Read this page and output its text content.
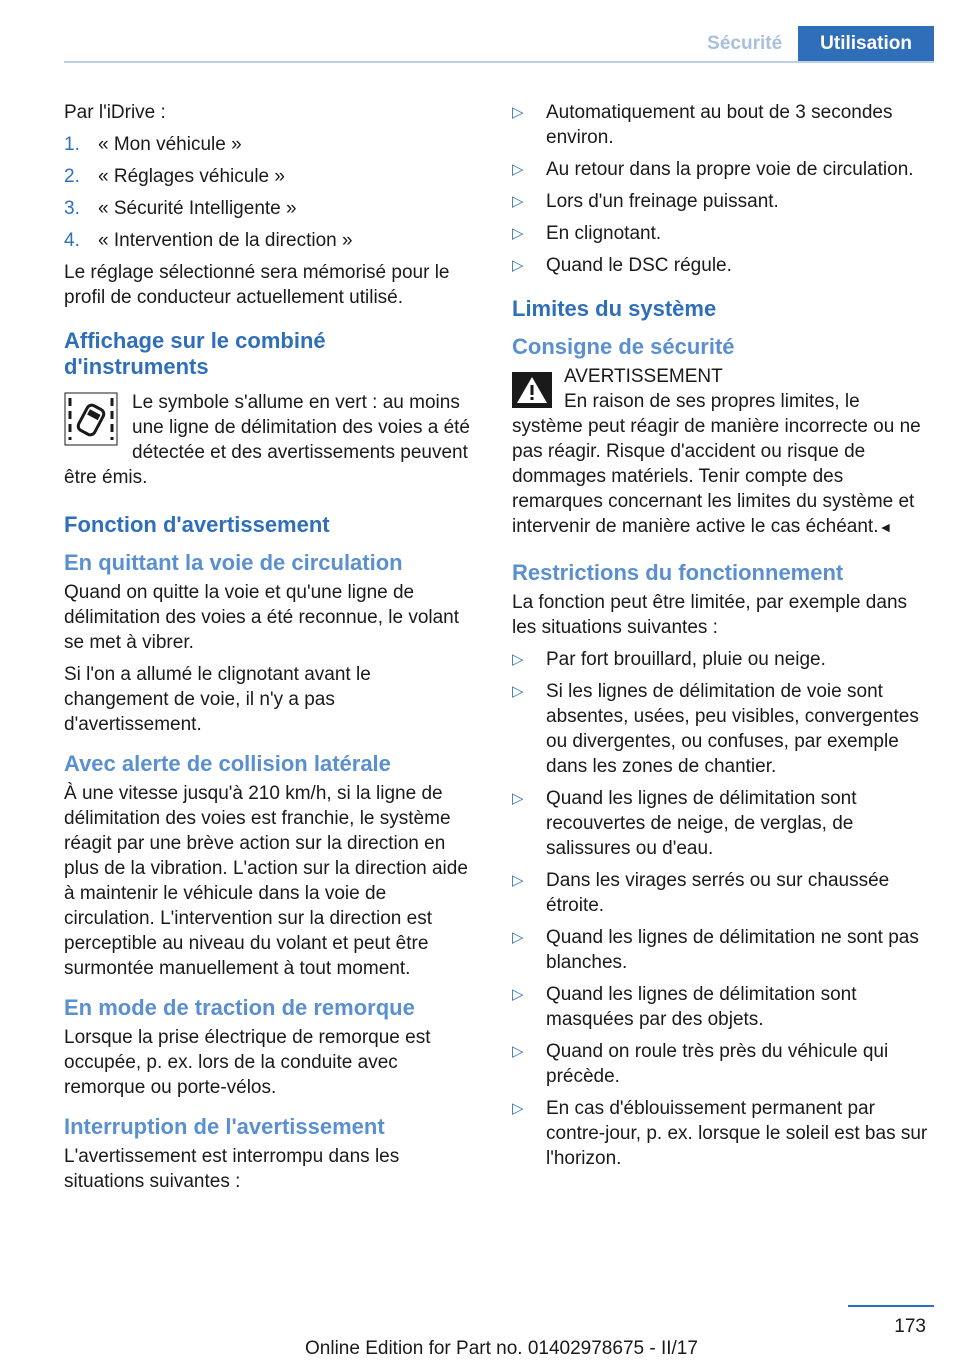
Sécurité	Utilisation

Par l'iDrive :

1. « Mon véhicule »
2. « Réglages véhicule »
3. « Sécurité Intelligente »
4. « Intervention de la direction »

Le réglage sélectionné sera mémorisé pour le profil de conducteur actuellement utilisé.

Affichage sur le combiné d'instruments
Le symbole s'allume en vert : au moins une ligne de délimitation des voies a été détectée et des avertissements peuvent être émis.
Fonction d'avertissement
En quittant la voie de circulation

Quand on quitte la voie et qu'une ligne de délimitation des voies a été reconnue, le volant se met à vibrer.

Si l'on a allumé le clignotant avant le changement de voie, il n'y a pas d'avertissement.

Avec alerte de collision latérale

À une vitesse jusqu'à 210 km/h, si la ligne de délimitation des voies est franchie, le système réagit par une brève action sur la direction en plus de la vibration. L'action sur la direction aide à maintenir le véhicule dans la voie de circulation. L'intervention sur la direction est perceptible au niveau du volant et peut être surmontée manuellement à tout moment.

En mode de traction de remorque

Lorsque la prise électrique de remorque est occupée, p. ex. lors de la conduite avec remorque ou porte-vélos.

Interruption de l'avertissement

L'avertissement est interrompu dans les situations suivantes :

▷	Automatiquement au bout de 3 secondes environ.
▷	Au retour dans la propre voie de circulation.
▷	Lors d'un freinage puissant.
▷	En clignotant.
▷	Quand le DSC régule.
Limites du système
Consigne de sécurité
AVERTISSEMENT
En raison de ses propres limites, le système peut réagir de manière incorrecte ou ne pas réagir. Risque d'accident ou risque de dommages matériels. Tenir compte des remarques concernant les limites du système et intervenir de manière active le cas échéant.◄
Restrictions du fonctionnement

La fonction peut être limitée, par exemple dans les situations suivantes :

▷	Par fort brouillard, pluie ou neige.
▷	Si les lignes de délimitation de voie sont absentes, usées, peu visibles, convergentes ou divergentes, ou confuses, par exemple dans les zones de chantier.
▷	Quand les lignes de délimitation sont recouvertes de neige, de verglas, de salissures ou d'eau.
▷	Dans les virages serrés ou sur chaussée étroite.
▷	Quand les lignes de délimitation ne sont pas blanches.
▷	Quand les lignes de délimitation sont masquées par des objets.
▷	Quand on roule très près du véhicule qui précède.
▷	En cas d'éblouissement permanent par contre-jour, p. ex. lorsque le soleil est bas sur l'horizon.
173
Online Edition for Part no. 01402978675 - II/17
